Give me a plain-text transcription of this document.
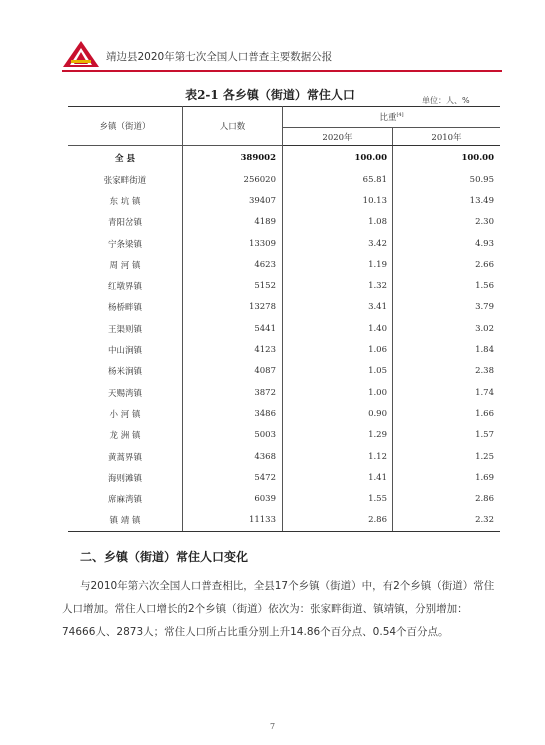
靖边县2020年第七次全国人口普查主要数据公报
表2-1 各乡镇（街道）常住人口	单位：人、%
乡镇（街道）	人口数	比重[4]
		2020年	2010年
全 县	389002	100.00	100.00
张家畔街道	256020	65.81	50.95
东 坑 镇	39407	10.13	13.49
青阳岔镇	4189	1.08	2.30
宁条梁镇	13309	3.42	4.93
周 河 镇	4623	1.19	2.66
红墩界镇	5152	1.32	1.56
杨桥畔镇	13278	3.41	3.79
王渠则镇	5441	1.40	3.02
中山涧镇	4123	1.06	1.84
杨米涧镇	4087	1.05	2.38
天赐湾镇	3872	1.00	1.74
小 河 镇	3486	0.90	1.66
龙 洲 镇	5003	1.29	1.57
黄蒿界镇	4368	1.12	1.25
海则滩镇	5472	1.41	1.69
席麻湾镇	6039	1.55	2.86
镇 靖 镇	11133	2.86	2.32
二、乡镇（街道）常住人口变化
与2010年第六次全国人口普查相比，全县17个乡镇（街道）中，有2个乡镇（街道）常住人口增加。常住人口增长的2个乡镇（街道）依次为：张家畔街道、镇靖镇，分别增加：74666人、2873人；常住人口所占比重分别上升14.86个百分点、0.54个百分点。
7
